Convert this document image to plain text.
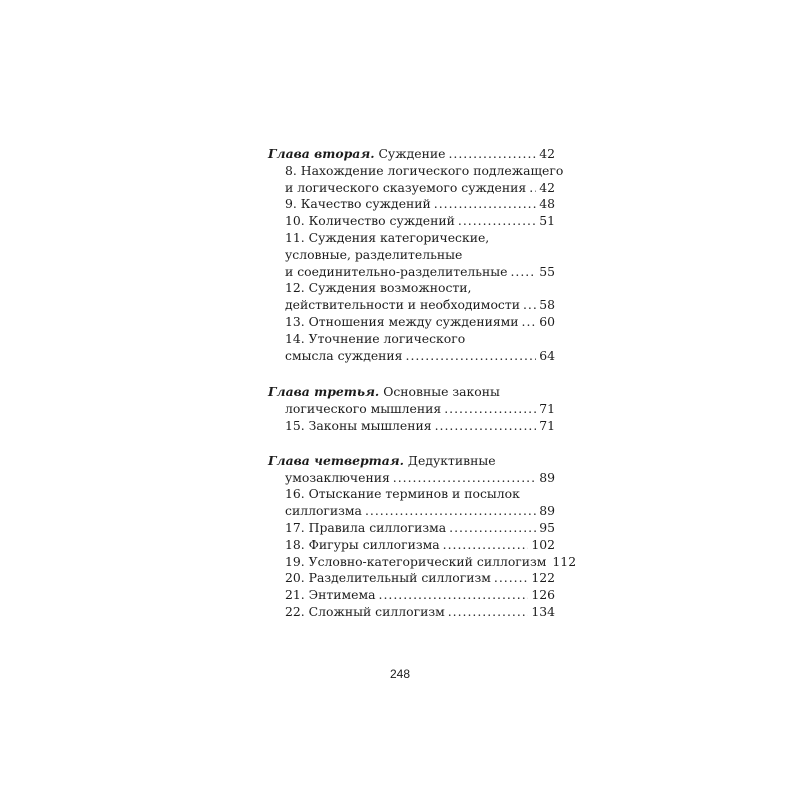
Глава вторая. Суждение .....	42
8. Нахождение логического подлежащего
и логического сказуемого суждения ..... 42
9. Качество суждений .....	48
10. Количество суждений .....	51
11. Суждения категорические,
условные, разделительные
и соединительно-разделительные .....	55
12. Суждения возможности,
действительности и необходимости ..... 58
13. Отношения между суждениями ..... 60
14. Уточнение логического
смысла суждения .....	64
Глава третья. Основные законы
логического мышления .....	71
15. Законы мышления .....	71
Глава четвертая. Дедуктивные
умозаключения .....	89
16. Отыскание терминов и посылок
силлогизма .....	89
17. Правила силлогизма .....	95
18. Фигуры силлогизма .....	102
19. Условно-категорический силлогизм 112
20. Разделительный силлогизм .....	122
21. Энтимема .....	126
22. Сложный силлогизм .....	134
248
